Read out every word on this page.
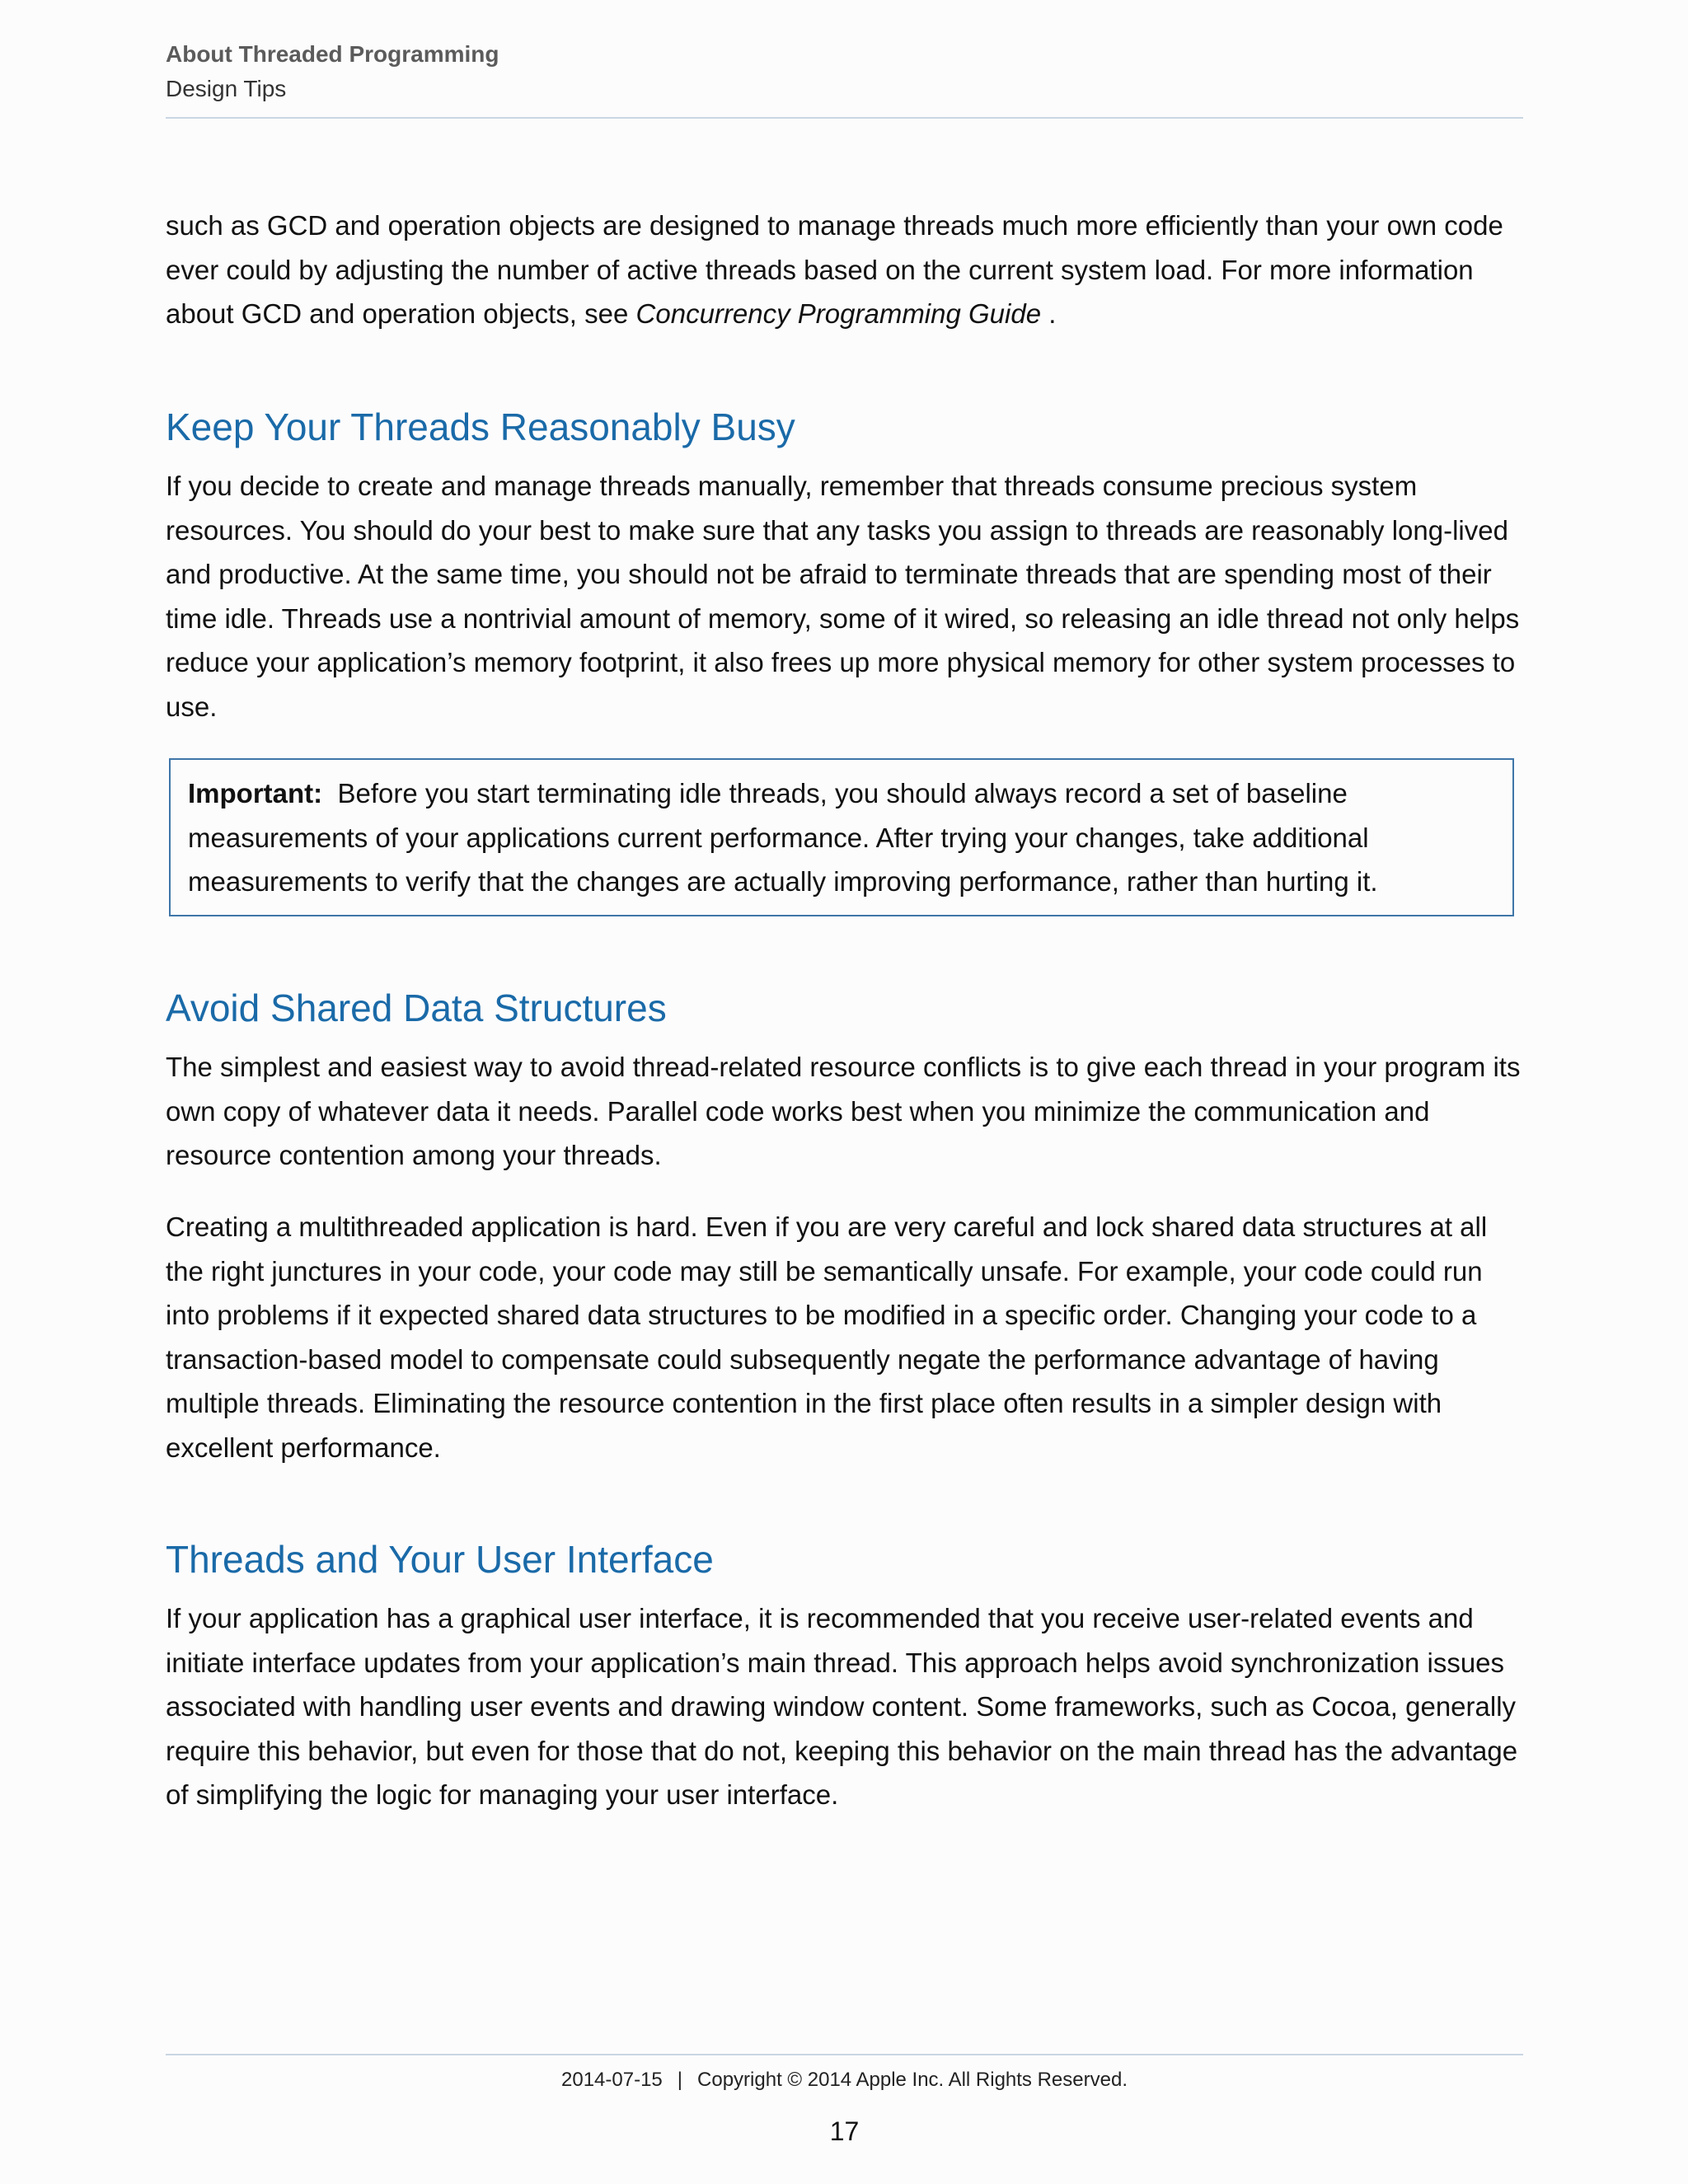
About Threaded Programming
Design Tips

such as GCD and operation objects are designed to manage threads much more efficiently than your own code ever could by adjusting the number of active threads based on the current system load. For more information about GCD and operation objects, see Concurrency Programming Guide .

Keep Your Threads Reasonably Busy

If you decide to create and manage threads manually, remember that threads consume precious system resources. You should do your best to make sure that any tasks you assign to threads are reasonably long-lived and productive. At the same time, you should not be afraid to terminate threads that are spending most of their time idle. Threads use a nontrivial amount of memory, some of it wired, so releasing an idle thread not only helps reduce your application’s memory footprint, it also frees up more physical memory for other system processes to use.

Important: Before you start terminating idle threads, you should always record a set of baseline measurements of your applications current performance. After trying your changes, take additional measurements to verify that the changes are actually improving performance, rather than hurting it.
Avoid Shared Data Structures

The simplest and easiest way to avoid thread-related resource conflicts is to give each thread in your program its own copy of whatever data it needs. Parallel code works best when you minimize the communication and resource contention among your threads.

Creating a multithreaded application is hard. Even if you are very careful and lock shared data structures at all the right junctures in your code, your code may still be semantically unsafe. For example, your code could run into problems if it expected shared data structures to be modified in a specific order. Changing your code to a transaction-based model to compensate could subsequently negate the performance advantage of having multiple threads. Eliminating the resource contention in the first place often results in a simpler design with excellent performance.

Threads and Your User Interface

If your application has a graphical user interface, it is recommended that you receive user-related events and initiate interface updates from your application’s main thread. This approach helps avoid synchronization issues associated with handling user events and drawing window content. Some frameworks, such as Cocoa, generally require this behavior, but even for those that do not, keeping this behavior on the main thread has the advantage of simplifying the logic for managing your user interface.

2014-07-15 | Copyright © 2014 Apple Inc. All Rights Reserved.
17
